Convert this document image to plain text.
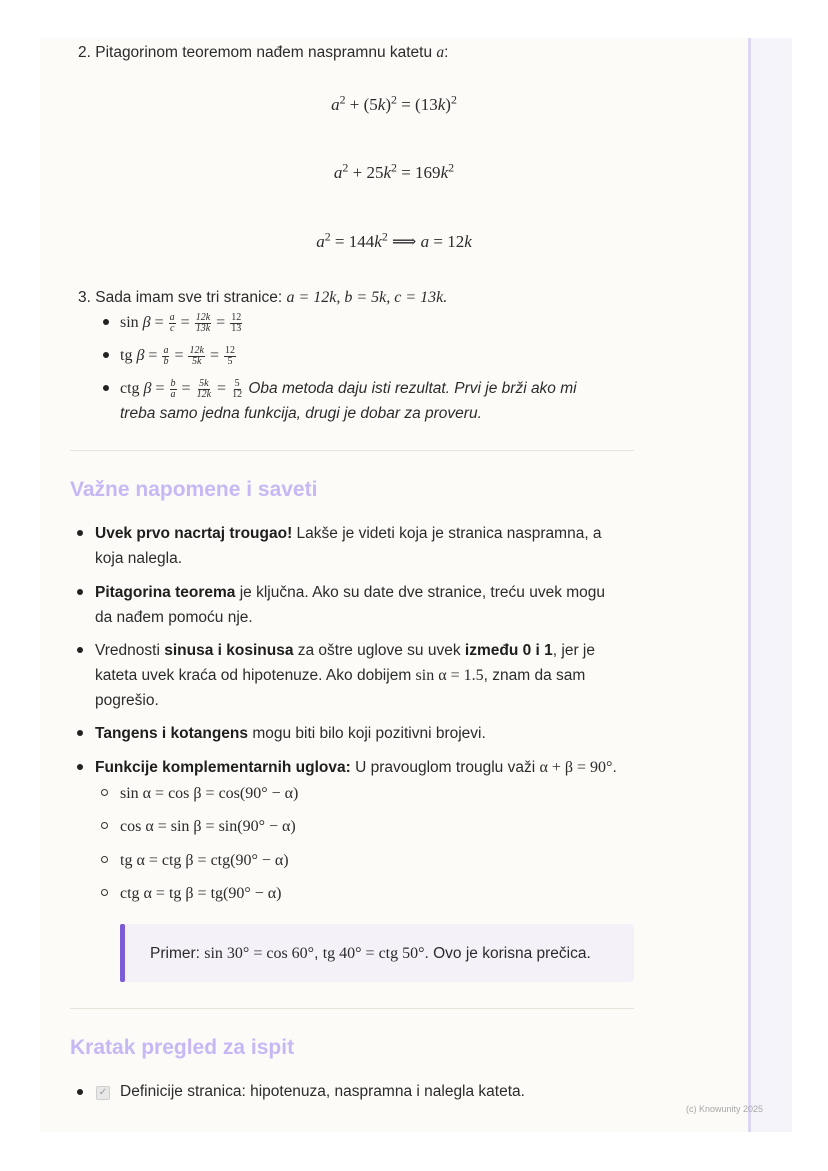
2. Pitagorinom teoremom nađem naspramnu katetu a:
$a^2 + (5k)^2 = (13k)^2$
$a^2 + 25k^2 = 169k^2$
$a^2 = 144k^2$ ⟹ a = 12k
3. Sada imam sve tri stranice: a = 12k, b = 5k, c = 13k.
$\sin \beta = \frac{a}{c} = \frac{12k}{13k} = \frac{12}{13}$
tg $\beta = \frac{a}{b} = \frac{12k}{5k} = \frac{12}{5}$
ctg $\beta = \frac{b}{a} = \frac{5k}{12k} = \frac{5}{12}$ Oba metoda daju isti rezultat. Prvi je brži ako mi
treba samo jedna funkcija, drugi je dobar za proveru.
Važne napomene i saveti
Uvek prvo nacrtaj trougao! Lakše je videti koja je stranica naspramna, a
koja nalegla.
Pitagorina teorema je ključna. Ako su date dve stranice, treću uvek mogu
da nađem pomoću nje.
Vrednosti sinusa i kosinusa za oštre uglove su uvek između 0 i 1, jer je
kateta uvek kraća od hipotenuze. Ako dobijem sin α = 1.5, znam da sam
pogrešio.
Tangens i kotangens mogu biti bilo koji pozitivni brojevi.
Funkcije komplementarnih uglova: U pravouglom trouglu važi α + β = 90°.
sin α = cos β = cos(90° − α)
cos α = sin β = sin(90° − α)
tg α = ctg β = ctg(90° − α)
ctg α = tg β = tg(90° − α)
Primer: sin 30° = cos 60°, tg 40° = ctg 50°. Ovo je korisna prečica.
Kratak pregled za ispit
✓ Definicije stranica: hipotenuza, naspramna i nalegla kateta.
(c) Knowunity 2025
